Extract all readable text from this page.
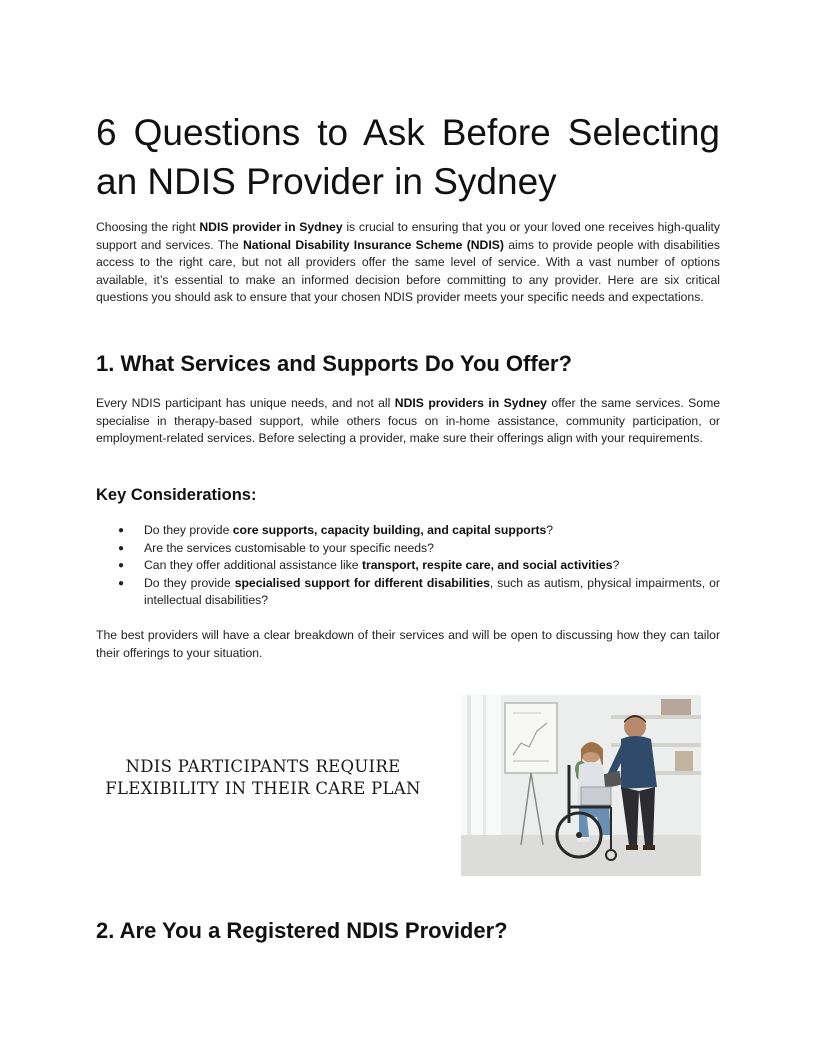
6 Questions to Ask Before Selecting an NDIS Provider in Sydney

Choosing the right NDIS provider in Sydney is crucial to ensuring that you or your loved one receives high-quality support and services. The National Disability Insurance Scheme (NDIS) aims to provide people with disabilities access to the right care, but not all providers offer the same level of service. With a vast number of options available, it’s essential to make an informed decision before committing to any provider. Here are six critical questions you should ask to ensure that your chosen NDIS provider meets your specific needs and expectations.

1. What Services and Supports Do You Offer?

Every NDIS participant has unique needs, and not all NDIS providers in Sydney offer the same services. Some specialise in therapy-based support, while others focus on in-home assistance, community participation, or employment-related services. Before selecting a provider, make sure their offerings align with your requirements.

Key Considerations:
● Do they provide core supports, capacity building, and capital supports?
● Are the services customisable to your specific needs?
● Can they offer additional assistance like transport, respite care, and social activities?
● Do they provide specialised support for different disabilities, such as autism, physical impairments, or intellectual disabilities?

The best providers will have a clear breakdown of their services and will be open to discussing how they can tailor their offerings to your situation.

NDIS PARTICIPANTS REQUIRE
FLEXIBILITY IN THEIR CARE PLAN
2. Are You a Registered NDIS Provider?
